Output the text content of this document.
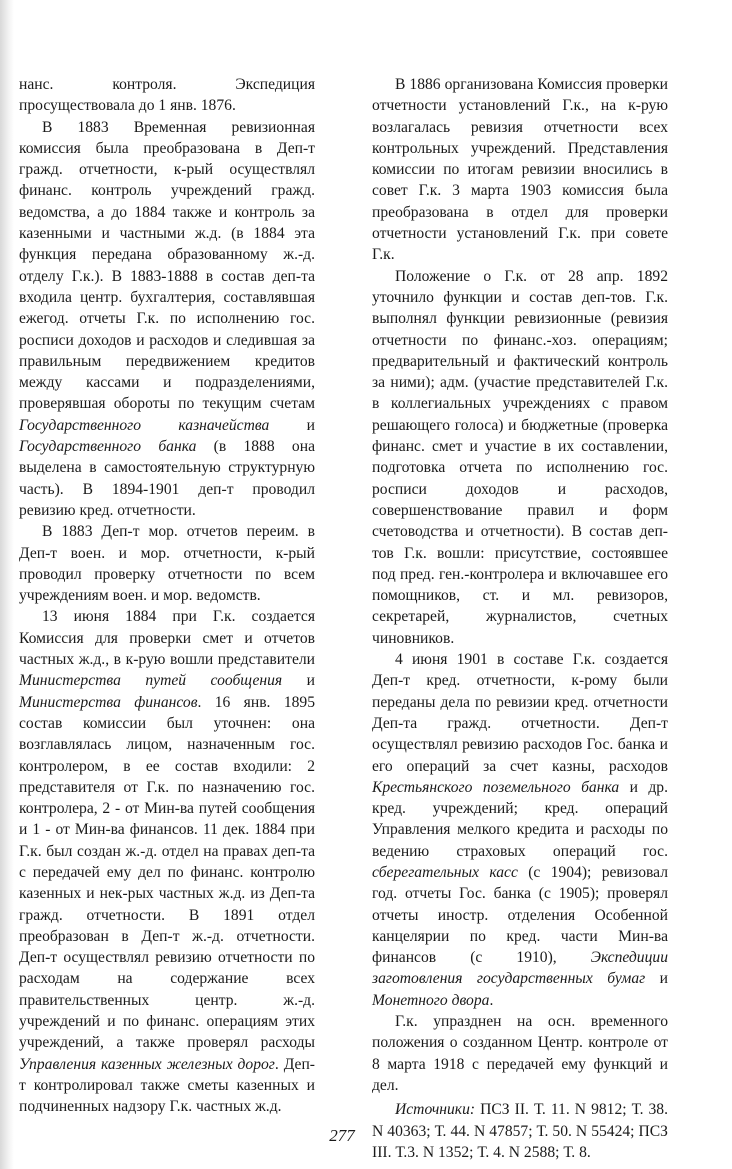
нанс. контроля. Экспедиция просуществовала до 1 янв. 1876.

В 1883 Временная ревизионная комиссия была преобразована в Деп-т гражд. отчетности, к-рый осуществлял финанс. контроль учреждений гражд. ведомства, а до 1884 также и контроль за казенными и частными ж.д. (в 1884 эта функция передана образованному ж.-д. отделу Г.к.). В 1883-1888 в состав деп-та входила центр. бухгалтерия, составлявшая ежегод. отчеты Г.к. по исполнению гос. росписи доходов и расходов и следившая за правильным передвижением кредитов между кассами и подразделениями, проверявшая обороты по текущим счетам Государственного казначейства и Государственного банка (в 1888 она выделена в самостоятельную структурную часть). В 1894-1901 деп-т проводил ревизию кред. отчетности.

В 1883 Деп-т мор. отчетов переим. в Деп-т воен. и мор. отчетности, к-рый проводил проверку отчетности по всем учреждениям воен. и мор. ведомств.

13 июня 1884 при Г.к. создается Комиссия для проверки смет и отчетов частных ж.д., в к-рую вошли представители Министерства путей сообщения и Министерства финансов. 16 янв. 1895 состав комиссии был уточнен: она возглавлялась лицом, назначенным гос. контролером, в ее состав входили: 2 представителя от Г.к. по назначению гос. контролера, 2 - от Мин-ва путей сообщения и 1 - от Мин-ва финансов. 11 дек. 1884 при Г.к. был создан ж.-д. отдел на правах деп-та с передачей ему дел по финанс. контролю казенных и нек-рых частных ж.д. из Деп-та гражд. отчетности. В 1891 отдел преобразован в Деп-т ж.-д. отчетности. Деп-т осуществлял ревизию отчетности по расходам на содержание всех правительственных центр. ж.-д. учреждений и по финанс. операциям этих учреждений, а также проверял расходы Управления казенных железных дорог. Деп-т контролировал также сметы казенных и подчиненных надзору Г.к. частных ж.д.

В 1886 организована Комиссия проверки отчетности установлений Г.к., на к-рую возлагалась ревизия отчетности всех контрольных учреждений. Представления комиссии по итогам ревизии вносились в совет Г.к. 3 марта 1903 комиссия была преобразована в отдел для проверки отчетности установлений Г.к. при совете Г.к.

Положение о Г.к. от 28 апр. 1892 уточнило функции и состав деп-тов. Г.к. выполнял функции ревизионные (ревизия отчетности по финанс.-хоз. операциям; предварительный и фактический контроль за ними); адм. (участие представителей Г.к. в коллегиальных учреждениях с правом решающего голоса) и бюджетные (проверка финанс. смет и участие в их составлении, подготовка отчета по исполнению гос. росписи доходов и расходов, совершенствование правил и форм счетоводства и отчетности). В состав деп-тов Г.к. вошли: присутствие, состоявшее под пред. ген.-контролера и включавшее его помощников, ст. и мл. ревизоров, секретарей, журналистов, счетных чиновников.

4 июня 1901 в составе Г.к. создается Деп-т кред. отчетности, к-рому были переданы дела по ревизии кред. отчетности Деп-та гражд. отчетности. Деп-т осуществлял ревизию расходов Гос. банка и его операций за счет казны, расходов Крестьянского поземельного банка и др. кред. учреждений; кред. операций Управления мелкого кредита и расходы по ведению страховых операций гос. сберегательных касс (с 1904); ревизовал год. отчеты Гос. банка (с 1905); проверял отчеты иностр. отделения Особенной канцелярии по кред. части Мин-ва финансов (с 1910), Экспедиции заготовления государственных бумаг и Монетного двора.

Г.к. упразднен на осн. временного положения о созданном Центр. контроле от 8 марта 1918 с передачей ему функций и дел.

Источники: ПСЗ II. Т. 11. N 9812; Т. 38. N 40363; Т. 44. N 47857; Т. 50. N 55424; ПСЗ III. Т.3. N 1352; Т. 4. N 2588; Т. 8.

277
